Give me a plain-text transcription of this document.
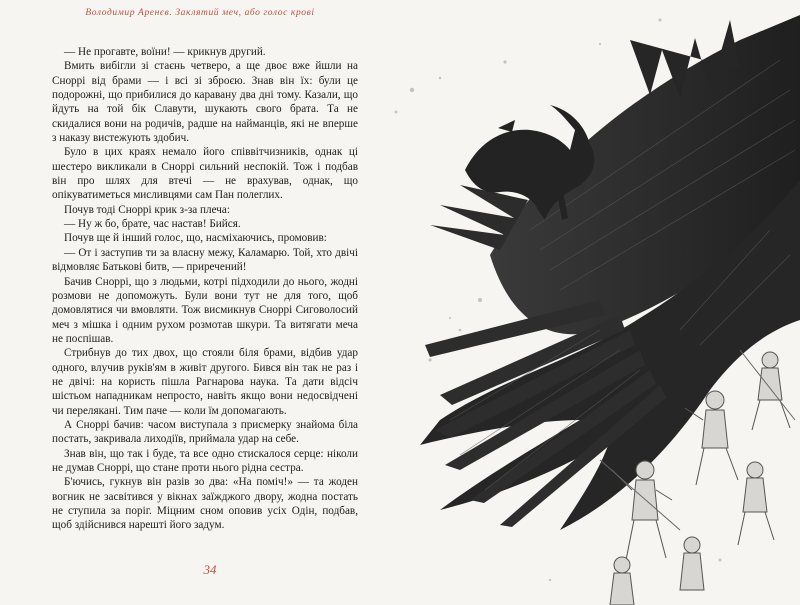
Володимир Аренєв. Заклятий меч, або голос крові

— Не прогавте, воїни! — крикнув другий.

Вмить вибігли зі стаєнь четверо, а ще двоє вже йшли на Сноррі від брами — і всі зі зброєю. Знав він їх: були це подорожні, що прибилися до каравану два дні тому. Казали, що йдуть на той бік Славути, шукають свого брата. Та не скидалися вони на родичів, радше на найманців, які не вперше з наказу вистежують здобич.

Було в цих краях немало його співвітчизників, однак ці шестеро викликали в Сноррі сильний неспокій. Тож і подбав він про шлях для втечі — не врахував, однак, що опікуватиметься мисливцями сам Пан полеглих.

Почув тоді Сноррі крик з-за плеча:

— Ну ж бо, брате, час настав! Бийся.

Почув ще й інший голос, що, насміхаючись, промовив:

— От і заступив ти за власну межу, Каламарю. Той, хто двічі відмовляє Батькові битв, — приречений!

Бачив Сноррі, що з людьми, котрі підходили до нього, жодні розмови не допоможуть. Були вони тут не для того, щоб домовлятися чи вмовляти. Тож висмикнув Сноррі Сиговолосий меч з мішка і одним рухом розмотав шкури. Та витягати меча не поспішав.

Стрибнув до тих двох, що стояли біля брами, відбив удар одного, влучив руків'ям в живіт другого. Бився він так не раз і не двічі: на користь пішла Рагнарова наука. Та дати відсіч шістьом нападникам непросто, навіть якщо вони недосвідчені чи перелякані. Тим паче — коли їм допомагають.

А Сноррі бачив: часом виступала з присмерку знайома біла постать, закривала лиходіїв, приймала удар на себе.

Знав він, що так і буде, та все одно стискалося серце: ніколи не думав Сноррі, що стане проти нього рідна сестра.

Б'ючись, гукнув він разів зо два: «На поміч!» — та жоден вогник не засвітився у вікнах заїжджого двору, жодна постать не ступила за поріг. Міцним сном оповив усіх Одін, подбав, щоб здійснився нарешті його задум.

34
